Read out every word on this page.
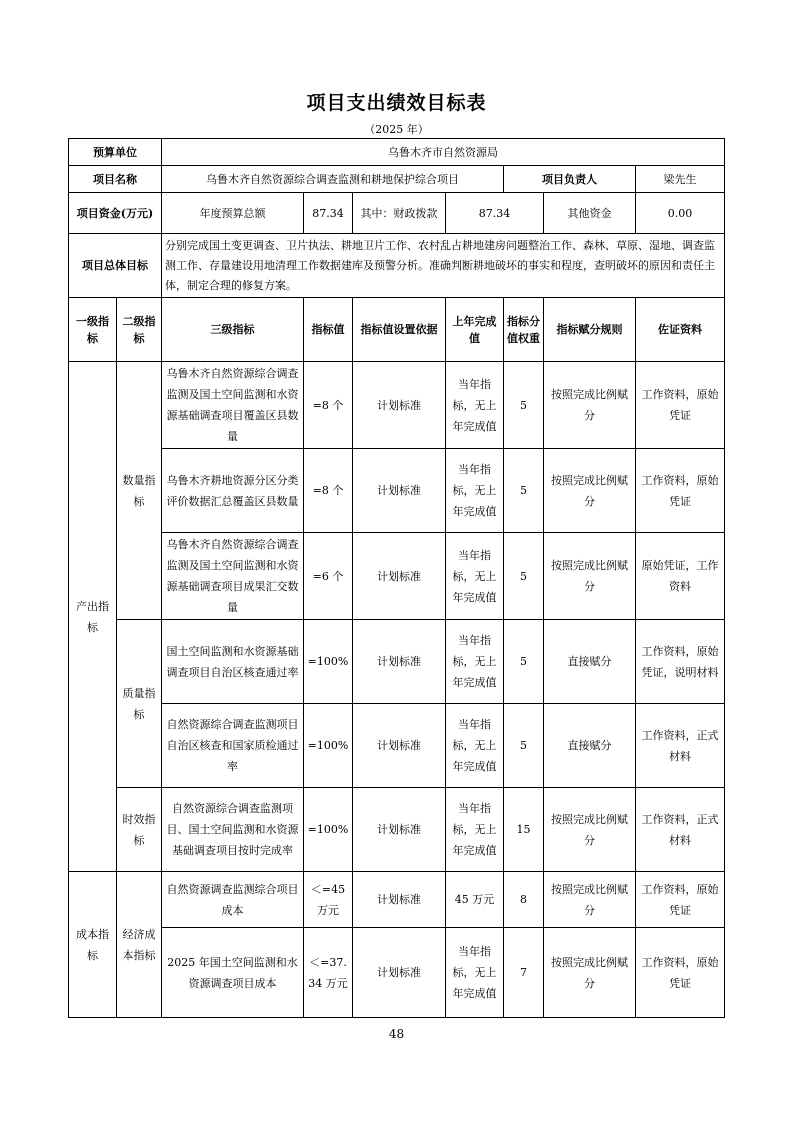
项目支出绩效目标表
（2025 年）
预算单位		乌鲁木齐市自然资源局						
项目名称		乌鲁木齐自然资源综合调查监测和耕地保护综合项目				项目负责人		梁先生
项目资金(万元)		年度预算总额	87.34	其中：财政拨款	87.34		其他资金	0.00
项目总体目标		分别完成国土变更调查、卫片执法、耕地卫片工作、农村乱占耕地建房问题整治工作、森林、草原、湿地、调查监测工作、存量建设用地清理工作数据建库及预警分析。准确判断耕地破坏的事实和程度，查明破坏的原因和责任主体，制定合理的修复方案。						
一级指标	二级指标	三级指标	指标值	指标值设置依据	上年完成值	指标分值权重	指标赋分规则	佐证资料
产出指标	数量指标	乌鲁木齐自然资源综合调查监测及国土空间监测和水资源基础调查项目覆盖区县数量	=8 个	计划标准	当年指标，无上年完成值	5	按照完成比例赋分	工作资料，原始凭证
		乌鲁木齐耕地资源分区分类评价数据汇总覆盖区县数量	=8 个	计划标准	当年指标，无上年完成值	5	按照完成比例赋分	工作资料，原始凭证
		乌鲁木齐自然资源综合调查监测及国土空间监测和水资源基础调查项目成果汇交数量	=6 个	计划标准	当年指标，无上年完成值	5	按照完成比例赋分	原始凭证，工作资料
	质量指标	国土空间监测和水资源基础调查项目自治区核查通过率	=100%	计划标准	当年指标，无上年完成值	5	直接赋分	工作资料，原始凭证，说明材料
		自然资源综合调查监测项目自治区核查和国家质检通过率	=100%	计划标准	当年指标，无上年完成值	5	直接赋分	工作资料，正式材料
	时效指标	自然资源综合调查监测项目、国土空间监测和水资源基础调查项目按时完成率	=100%	计划标准	当年指标，无上年完成值	15	按照完成比例赋分	工作资料，正式材料
成本指标	经济成本指标	自然资源调查监测综合项目成本	＜=45 万元	计划标准	45 万元	8	按照完成比例赋分	工作资料，原始凭证
		2025 年国土空间监测和水资源调查项目成本	＜=37.34 万元	计划标准	当年指标，无上年完成值	7	按照完成比例赋分	工作资料，原始凭证
48
